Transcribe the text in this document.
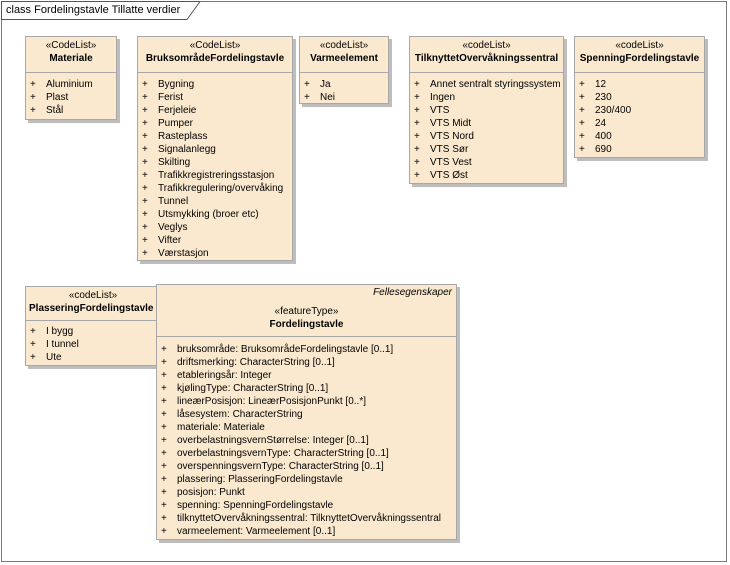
class Fordelingstavle Tillatte verdier
«CodeList»
Materiale
+ Aluminium
+ Plast
+ Stål
«CodeList»
BruksområdeFordelingstavle
+ Bygning
+ Ferist
+ Ferjeleie
+ Pumper
+ Rasteplass
+ Signalanlegg
+ Skilting
+ Trafikkregistreringsstasjon
+ Trafikkregulering/overvåking
+ Tunnel
+ Utsmykking (broer etc)
+ Veglys
+ Vifter
+ Værstasjon
«codeList»
Varmeelement
+ Ja
+ Nei
«codeList»
TilknyttetOvervåkningssentral
+ Annet sentralt styringssystem
+ Ingen
+ VTS
+ VTS Midt
+ VTS Nord
+ VTS Sør
+ VTS Vest
+ VTS Øst
«codeList»
SpenningFordelingstavle
+ 12
+ 230
+ 230/400
+ 24
+ 400
+ 690
«codeList»
PlasseringFordelingstavle
+ I bygg
+ I tunnel
+ Ute
Fellesegenskaper
«featureType»
Fordelingstavle
+ bruksområde: BruksområdeFordelingstavle [0..1]
+ driftsmerking: CharacterString [0..1]
+ etableringsår: Integer
+ kjølingType: CharacterString [0..1]
+ lineærPosisjon: LineærPosisjonPunkt [0..*]
+ låsesystem: CharacterString
+ materiale: Materiale
+ overbelastningsvernStørrelse: Integer [0..1]
+ overbelastningsvernType: CharacterString [0..1]
+ overspenningsvernType: CharacterString [0..1]
+ plassering: PlasseringFordelingstavle
+ posisjon: Punkt
+ spenning: SpenningFordelingstavle
+ tilknyttetOvervåkningssentral: TilknyttetOvervåkningssentral
+ varmeelement: Varmeelement [0..1]
